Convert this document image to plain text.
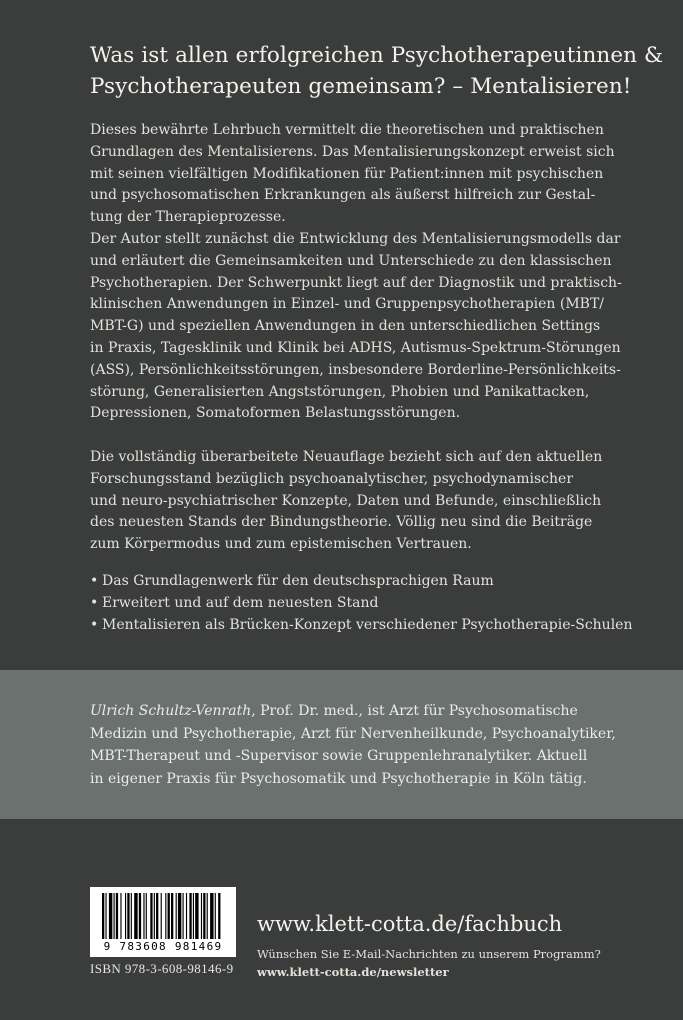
Was ist allen erfolgreichen Psychotherapeutinnen &
Psychotherapeuten gemeinsam? – Mentalisieren!
Dieses bewährte Lehrbuch vermittelt die theoretischen und praktischen
Grundlagen des Mentalisierens. Das Mentalisierungskonzept erweist sich
mit seinen vielfältigen Modifikationen für Patient:innen mit psychischen
und psychosomatischen Erkrankungen als äußerst hilfreich zur Gestal-
tung der Therapieprozesse.
Der Autor stellt zunächst die Entwicklung des Mentalisierungsmodells dar
und erläutert die Gemeinsamkeiten und Unterschiede zu den klassischen
Psychotherapien. Der Schwerpunkt liegt auf der Diagnostik und praktisch-
klinischen Anwendungen in Einzel- und Gruppenpsychotherapien (MBT/
MBT-G) und speziellen Anwendungen in den unterschiedlichen Settings
in Praxis, Tagesklinik und Klinik bei ADHS, Autismus-Spektrum-Störungen
(ASS), Persönlichkeitsstörungen, insbesondere Borderline-Persönlichkeits-
störung, Generalisierten Angststörungen, Phobien und Panikattacken,
Depressionen, Somatoformen Belastungsstörungen.
Die vollständig überarbeitete Neuauflage bezieht sich auf den aktuellen
Forschungsstand bezüglich psychoanalytischer, psychodynamischer
und neuro-psychiatrischer Konzepte, Daten und Befunde, einschließlich
des neuesten Stands der Bindungstheorie. Völlig neu sind die Beiträge
zum Körpermodus und zum epistemischen Vertrauen.
• Das Grundlagenwerk für den deutschsprachigen Raum
• Erweitert und auf dem neuesten Stand
• Mentalisieren als Brücken-Konzept verschiedener Psychotherapie-Schulen
Ulrich Schultz-Venrath, Prof. Dr. med., ist Arzt für Psychosomatische
Medizin und Psychotherapie, Arzt für Nervenheilkunde, Psychoanalytiker,
MBT-Therapeut und -Supervisor sowie Gruppenlehranalytiker. Aktuell
in eigener Praxis für Psychosomatik und Psychotherapie in Köln tätig.
9 783608 981469
ISBN 978-3-608-98146-9
www.klett-cotta.de/fachbuch
Wünschen Sie E-Mail-Nachrichten zu unserem Programm?
www.klett-cotta.de/newsletter
